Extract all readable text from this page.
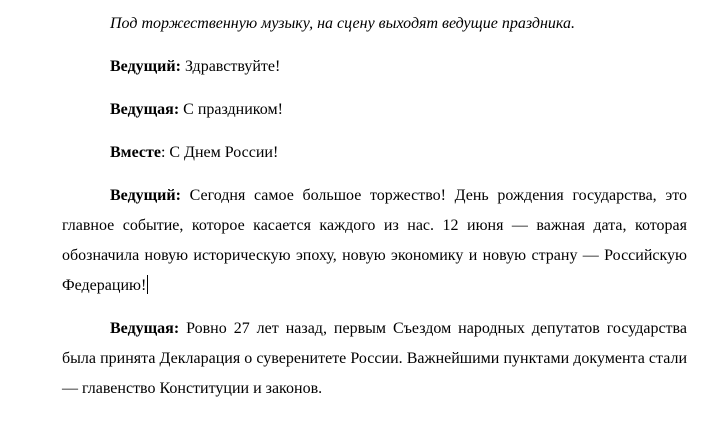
Под торжественную музыку, на сцену выходят ведущие праздника.

Ведущий: Здравствуйте!

Ведущая: С праздником!

Вместе: С Днем России!

Ведущий: Сегодня самое большое торжество! День рождения государства, это главное событие, которое касается каждого из нас. 12 июня — важная дата, которая обозначила новую историческую эпоху, новую экономику и новую страну — Российскую Федерацию!

Ведущая: Ровно 27 лет назад, первым Съездом народных депутатов государства была принята Декларация о суверенитете России. Важнейшими пунктами документа стали — главенство Конституции и законов.
